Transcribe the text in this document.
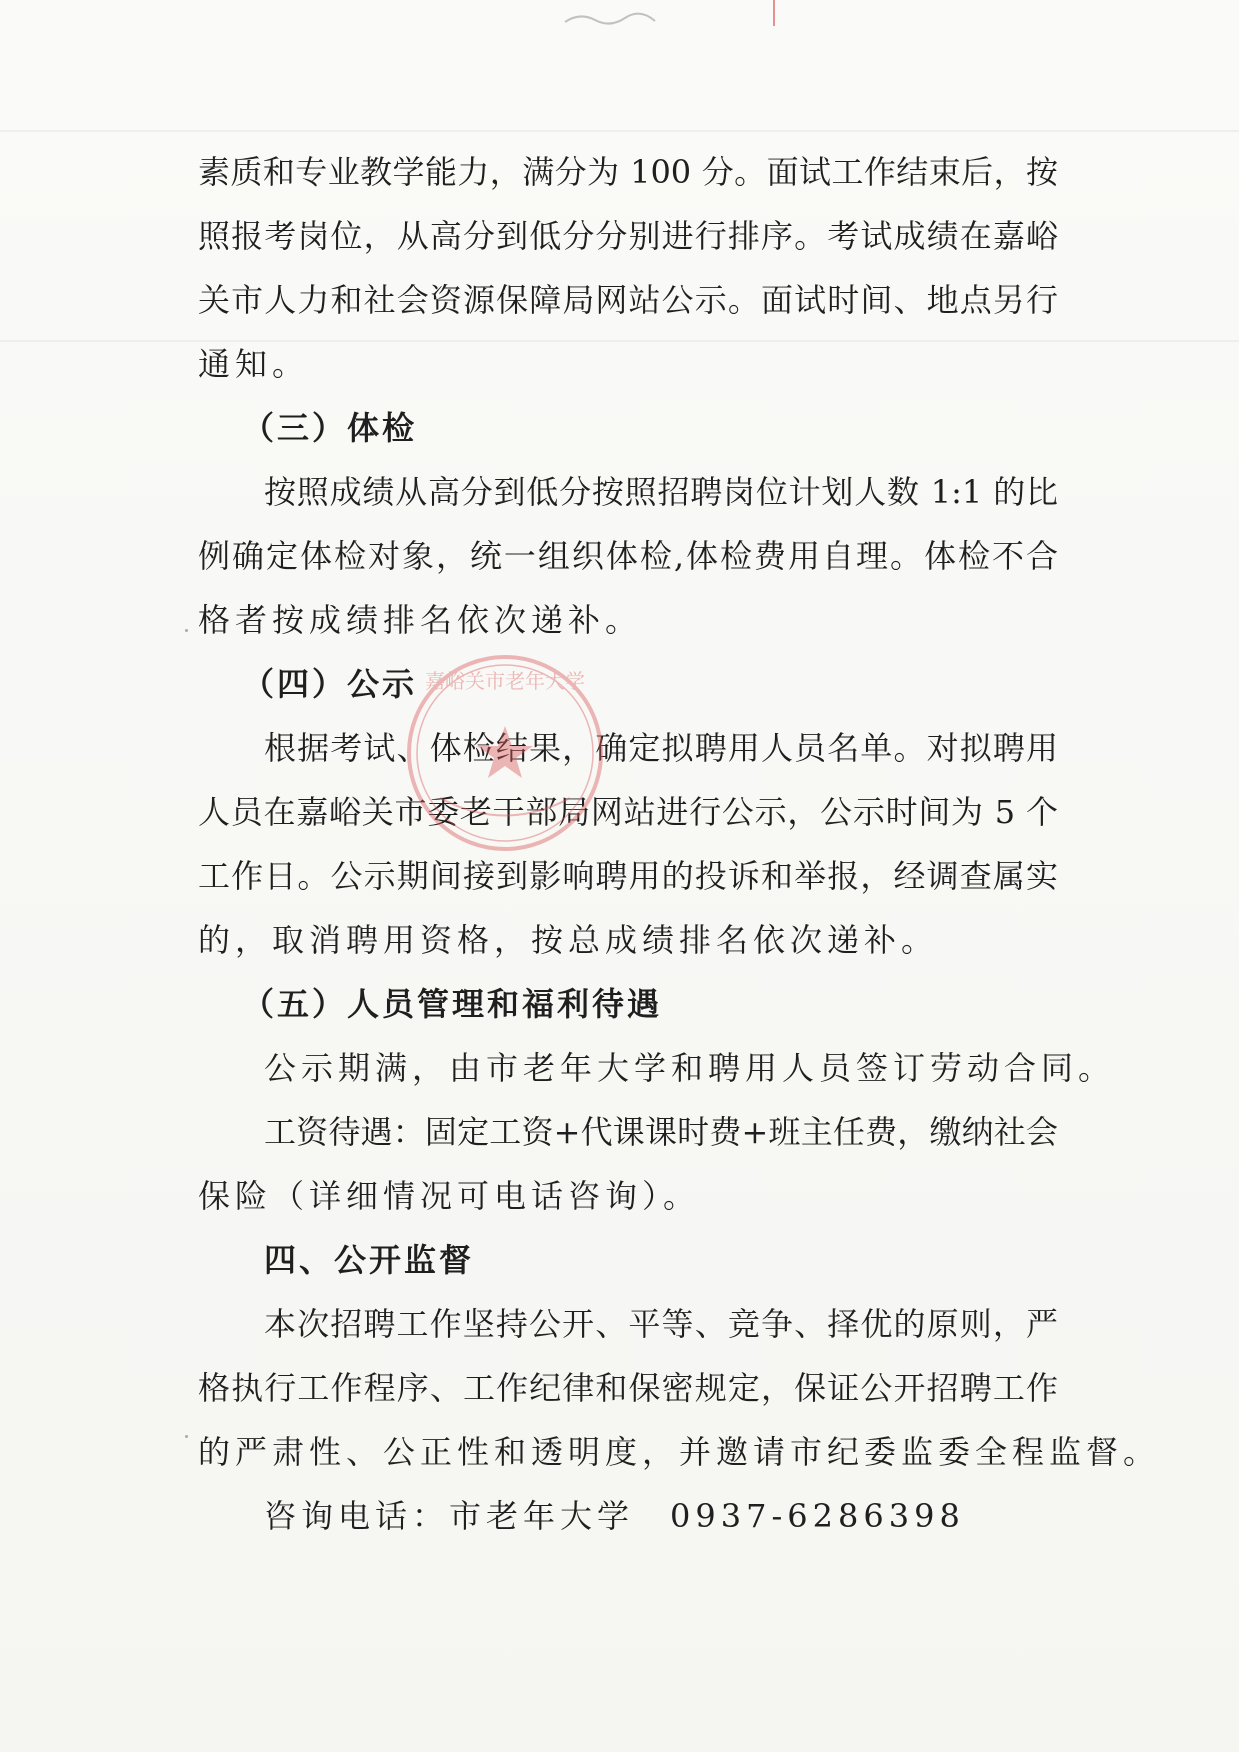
素质和专业教学能力，满分为 100 分。面试工作结束后，按
照报考岗位，从高分到低分分别进行排序。考试成绩在嘉峪
关市人力和社会资源保障局网站公示。面试时间、地点另行
通知。
（三）体检
按照成绩从高分到低分按照招聘岗位计划人数 1:1 的比
例确定体检对象，统一组织体检,体检费用自理。体检不合
格者按成绩排名依次递补。
（四）公示
根据考试、体检结果，确定拟聘用人员名单。对拟聘用
人员在嘉峪关市委老干部局网站进行公示，公示时间为 5 个
工作日。公示期间接到影响聘用的投诉和举报，经调查属实
的，取消聘用资格，按总成绩排名依次递补。
（五）人员管理和福利待遇
公示期满，由市老年大学和聘用人员签订劳动合同。
工资待遇：固定工资+代课课时费+班主任费，缴纳社会
保险（详细情况可电话咨询）。
四、公开监督
本次招聘工作坚持公开、平等、竞争、择优的原则，严
格执行工作程序、工作纪律和保密规定，保证公开招聘工作
的严肃性、公正性和透明度，并邀请市纪委监委全程监督。
咨询电话：市老年大学 0937-6286398
嘉峪关市老年大学
